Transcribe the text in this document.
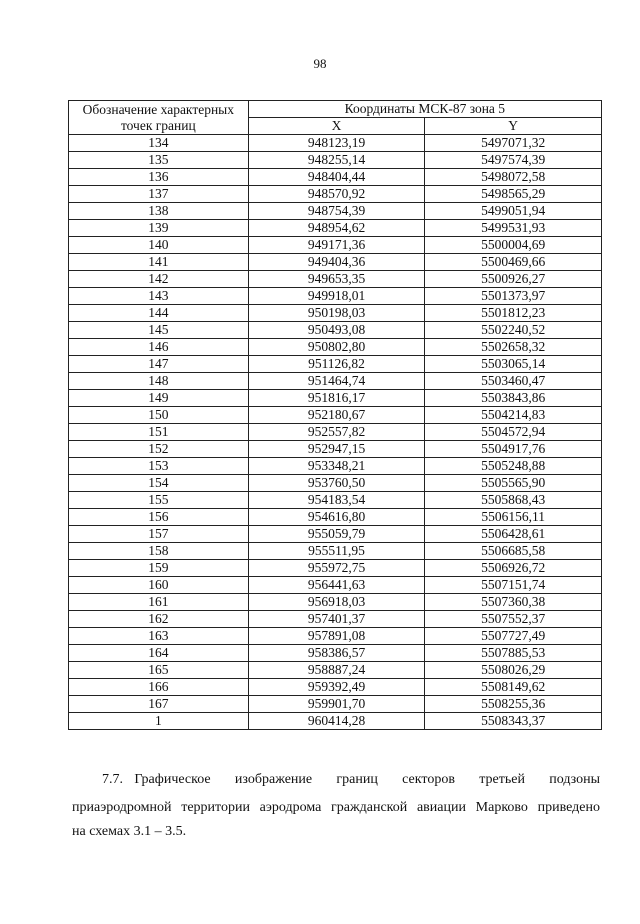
98
Обозначение характерных точек границ	Координаты МСК-87 зона 5	
	X	Y
134	948123,19	5497071,32
135	948255,14	5497574,39
136	948404,44	5498072,58
137	948570,92	5498565,29
138	948754,39	5499051,94
139	948954,62	5499531,93
140	949171,36	5500004,69
141	949404,36	5500469,66
142	949653,35	5500926,27
143	949918,01	5501373,97
144	950198,03	5501812,23
145	950493,08	5502240,52
146	950802,80	5502658,32
147	951126,82	5503065,14
148	951464,74	5503460,47
149	951816,17	5503843,86
150	952180,67	5504214,83
151	952557,82	5504572,94
152	952947,15	5504917,76
153	953348,21	5505248,88
154	953760,50	5505565,90
155	954183,54	5505868,43
156	954616,80	5506156,11
157	955059,79	5506428,61
158	955511,95	5506685,58
159	955972,75	5506926,72
160	956441,63	5507151,74
161	956918,03	5507360,38
162	957401,37	5507552,37
163	957891,08	5507727,49
164	958386,57	5507885,53
165	958887,24	5508026,29
166	959392,49	5508149,62
167	959901,70	5508255,36
1	960414,28	5508343,37
7.7. Графическое изображение границ секторов третьей подзоны
приаэродромной территории аэродрома гражданской авиации Марково приведено
на схемах 3.1 – 3.5.
